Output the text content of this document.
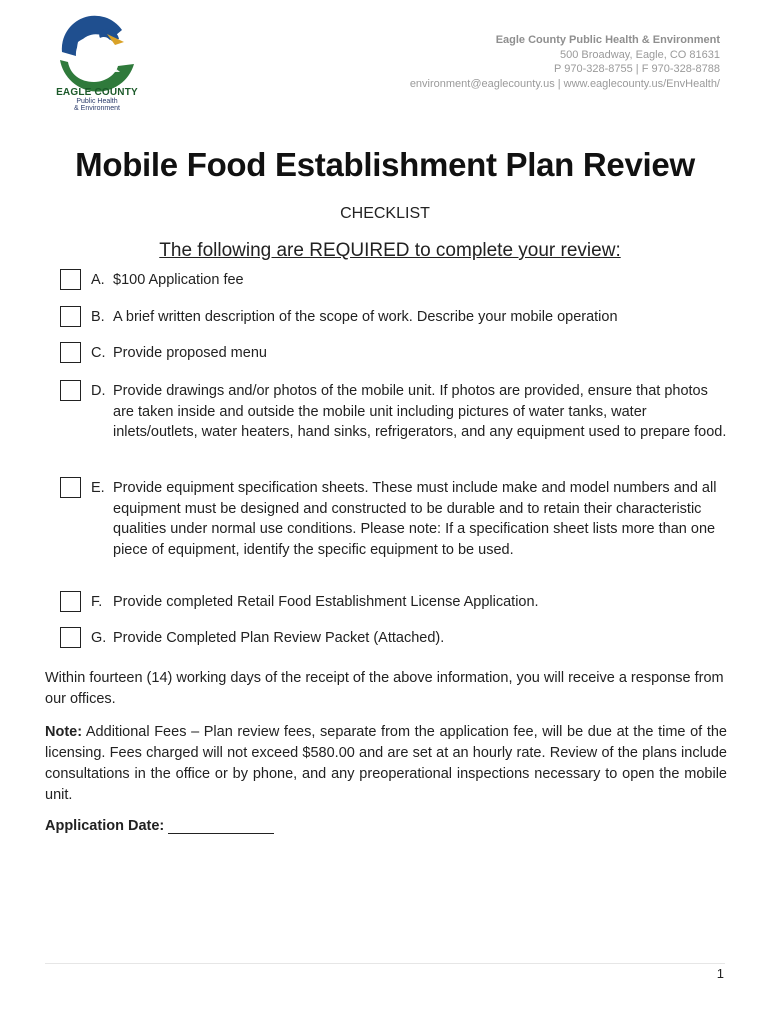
EAGLE COUNTY
Public Health
& Environment
Eagle County Public Health & Environment
500 Broadway, Eagle, CO 81631
P 970-328-8755 | F 970-328-8788
environment@eaglecounty.us | www.eaglecounty.us/EnvHealth/
Mobile Food Establishment Plan Review
CHECKLIST
The following are REQUIRED to complete your review:
A. $100 Application fee
B. A brief written description of the scope of work. Describe your mobile operation
C. Provide proposed menu
D. Provide drawings and/or photos of the mobile unit. If photos are provided, ensure that photos are taken inside and outside the mobile unit including pictures of water tanks, water inlets/outlets, water heaters, hand sinks, refrigerators, and any equipment used to prepare food.
E. Provide equipment specification sheets. These must include make and model numbers and all equipment must be designed and constructed to be durable and to retain their characteristic qualities under normal use conditions. Please note: If a specification sheet lists more than one piece of equipment, identify the specific equipment to be used.
F. Provide completed Retail Food Establishment License Application.
G. Provide Completed Plan Review Packet (Attached).
Within fourteen (14) working days of the receipt of the above information, you will receive a response from our offices.
Note: Additional Fees – Plan review fees, separate from the application fee, will be due at the time of the licensing. Fees charged will not exceed $580.00 and are set at an hourly rate. Review of the plans include consultations in the office or by phone, and any preoperational inspections necessary to open the mobile unit.
Application Date:
1
